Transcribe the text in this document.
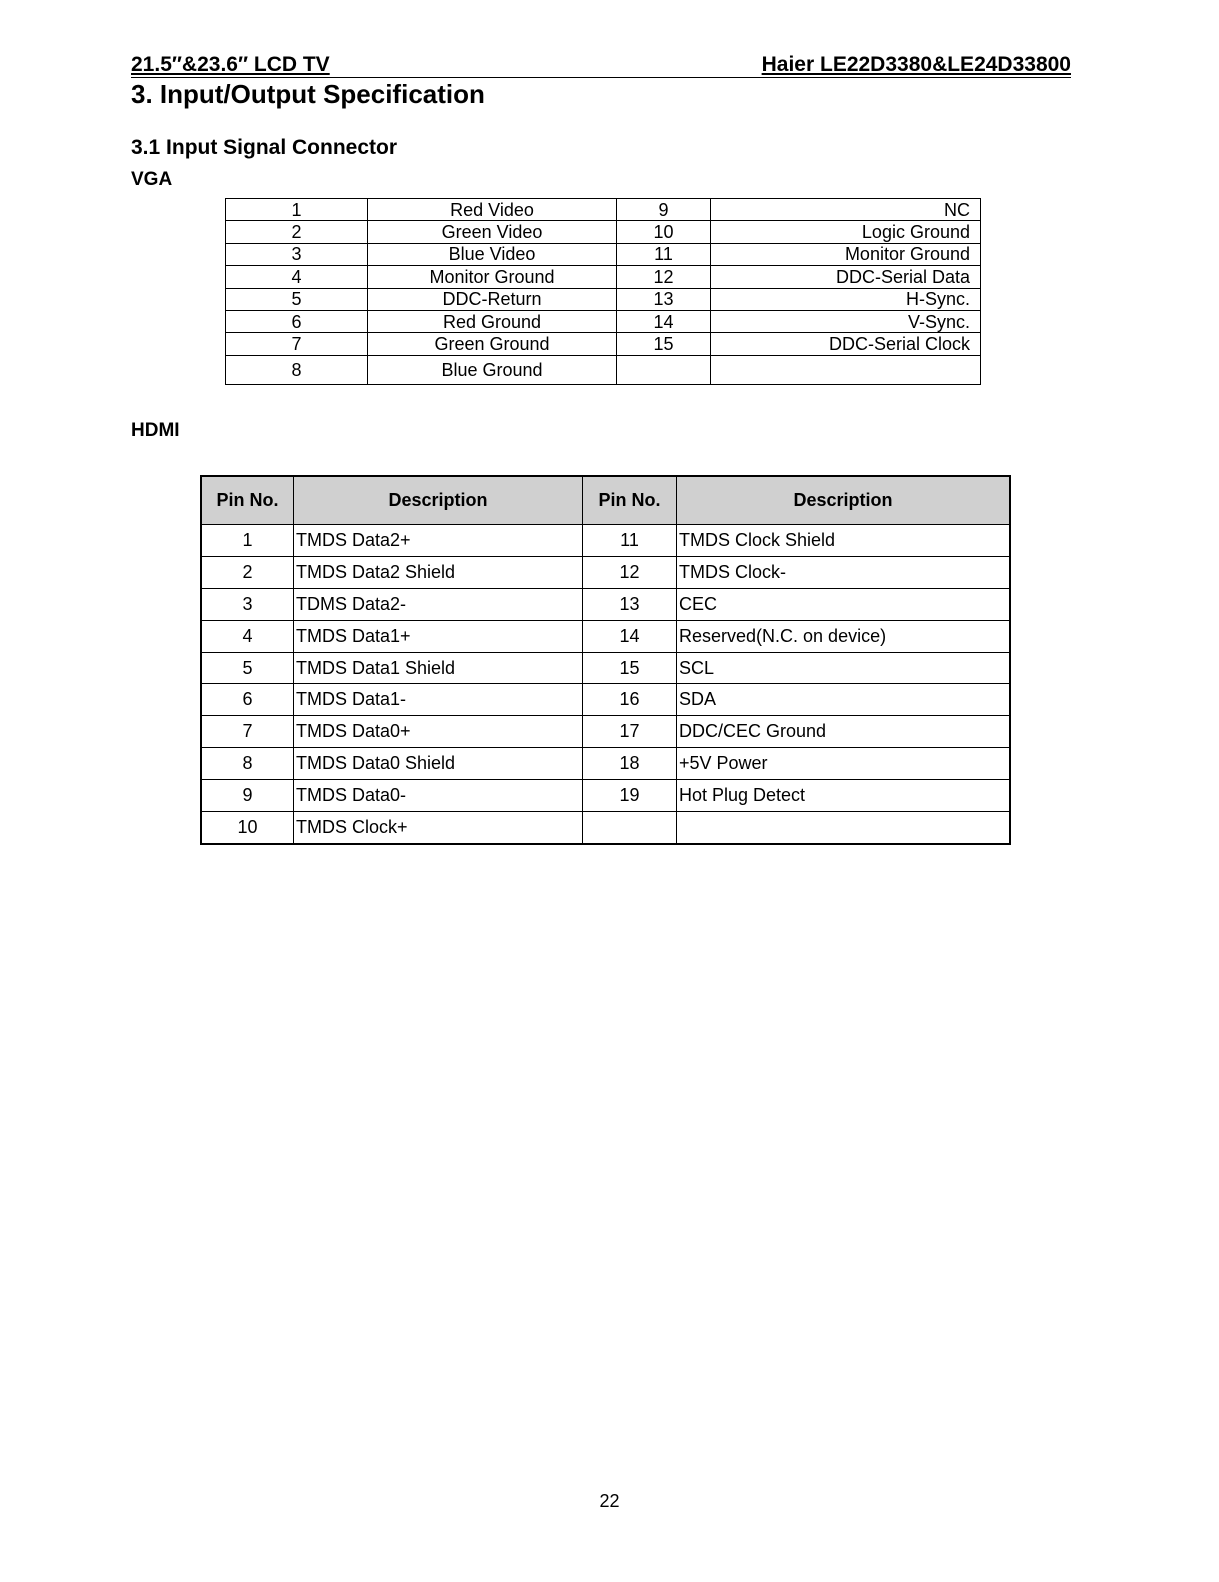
21.5″&23.6″ LCD TV	Haier LE22D3380&LE24D33800
3. Input/Output Specification
3.1 Input Signal Connector
VGA
1	Red Video	9	NC
2	Green Video	10	Logic Ground
3	Blue Video	11	Monitor Ground
4	Monitor Ground	12	DDC-Serial Data
5	DDC-Return	13	H-Sync.
6	Red Ground	14	V-Sync.
7	Green Ground	15	DDC-Serial Clock
8	Blue Ground		
HDMI
Pin No.	Description	Pin No.	Description
1	TMDS Data2+	11	TMDS Clock Shield
2	TMDS Data2 Shield	12	TMDS Clock-
3	TDMS Data2-	13	CEC
4	TMDS Data1+	14	Reserved(N.C. on device)
5	TMDS Data1 Shield	15	SCL
6	TMDS Data1-	16	SDA
7	TMDS Data0+	17	DDC/CEC Ground
8	TMDS Data0 Shield	18	+5V Power
9	TMDS Data0-	19	Hot Plug Detect
10	TMDS Clock+		
22
